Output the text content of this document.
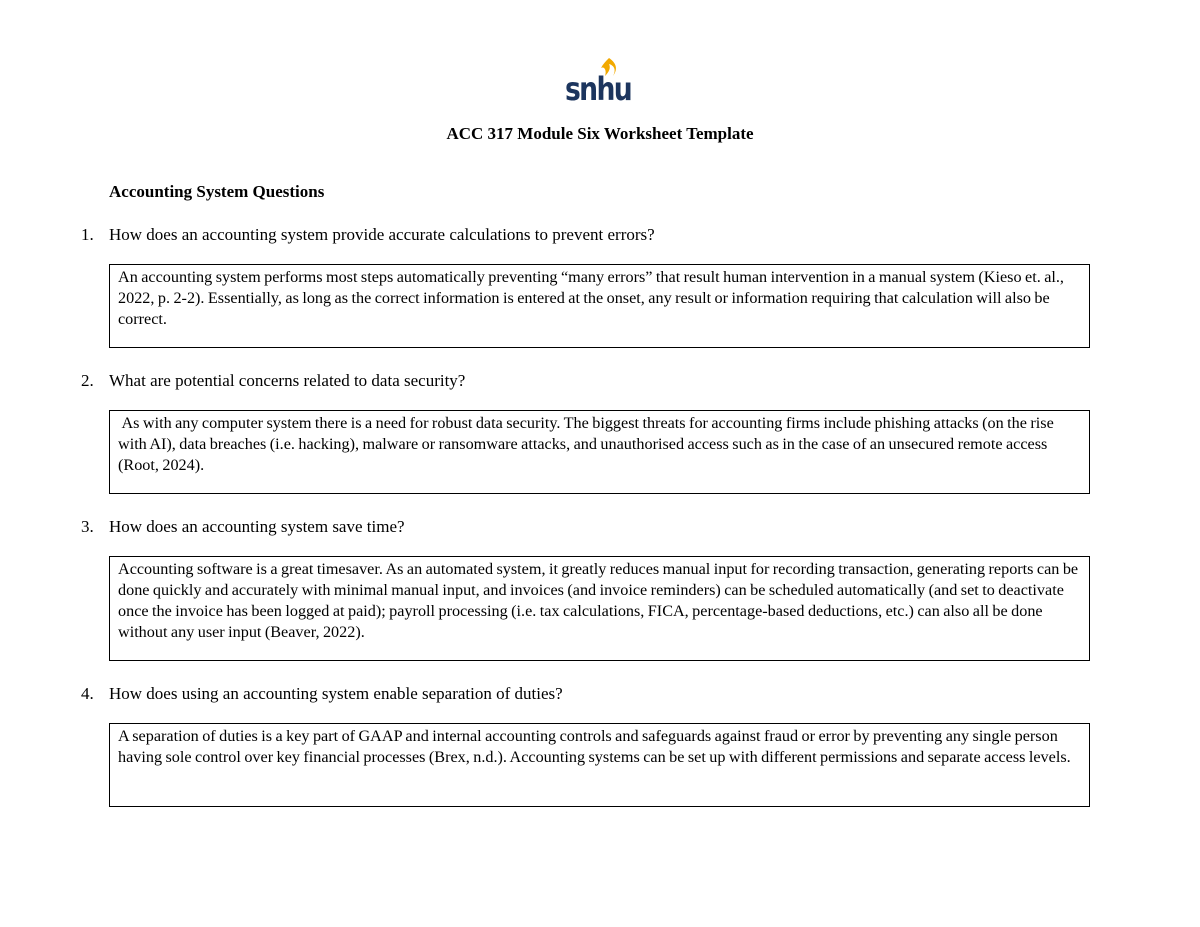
snhu
ACC 317 Module Six Worksheet Template
Accounting System Questions
1. How does an accounting system provide accurate calculations to prevent errors?

An accounting system performs most steps automatically preventing “many errors” that result human intervention in a manual system (Kieso et. al., 2022, p. 2-2). Essentially, as long as the correct information is entered at the onset, any result or information requiring that calculation will also be correct.

2. What are potential concerns related to data security?

As with any computer system there is a need for robust data security. The biggest threats for accounting firms include phishing attacks (on the rise with AI), data breaches (i.e. hacking), malware or ransomware attacks, and unauthorised access such as in the case of an unsecured remote access (Root, 2024).

3. How does an accounting system save time?

Accounting software is a great timesaver. As an automated system, it greatly reduces manual input for recording transaction, generating reports can be done quickly and accurately with minimal manual input, and invoices (and invoice reminders) can be scheduled automatically (and set to deactivate once the invoice has been logged at paid); payroll processing (i.e. tax calculations, FICA, percentage-based deductions, etc.) can also all be done without any user input (Beaver, 2022).

4. How does using an accounting system enable separation of duties?

A separation of duties is a key part of GAAP and internal accounting controls and safeguards against fraud or error by preventing any single person having sole control over key financial processes (Brex, n.d.). Accounting systems can be set up with different permissions and separate access levels.
